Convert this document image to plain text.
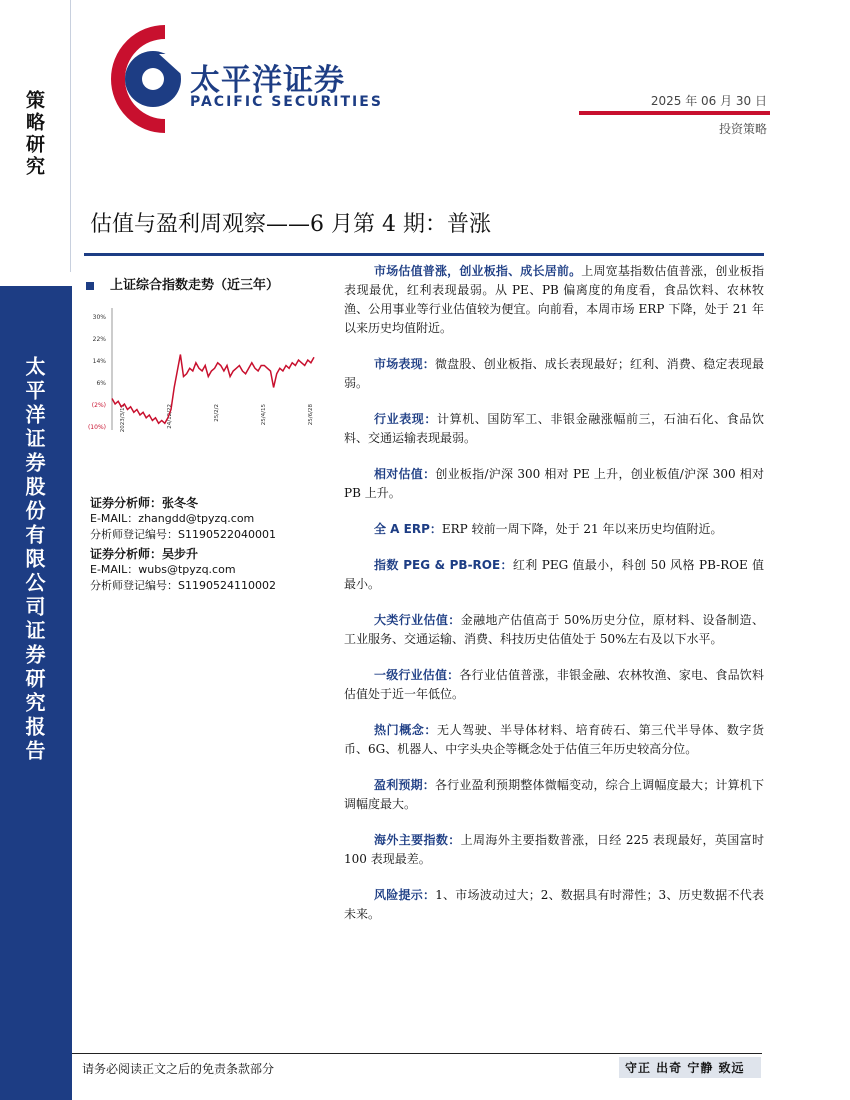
策略研究
太平洋证券股份有限公司证券研究报告
太平洋证券
PACIFIC SECURITIES	2025 年 06 月 30 日
投资策略
估值与盈利周观察——6 月第 4 期：普涨
上证综合指数走势（近三年）
30%
22%
14%
6%
(2%)
(10%)	2023/3/11	24/12/22	25/2/2	25/4/15	25/6/28
证券分析师：张冬冬
E-MAIL：zhangdd@tpyzq.com
分析师登记编号：S1190522040001
证券分析师：吴步升
E-MAIL：wubs@tpyzq.com
分析师登记编号：S1190524110002

市场估值普涨，创业板指、成长居前。上周宽基指数估值普涨，创业板指表现最优，红利表现最弱。从 PE、PB 偏离度的角度看，食品饮料、农林牧渔、公用事业等行业估值较为便宜。向前看，本周市场 ERP 下降，处于 21 年以来历史均值附近。

市场表现：微盘股、创业板指、成长表现最好；红利、消费、稳定表现最弱。

行业表现：计算机、国防军工、非银金融涨幅前三，石油石化、食品饮料、交通运输表现最弱。

相对估值：创业板指/沪深 300 相对 PE 上升，创业板值/沪深 300 相对 PB 上升。

全 A ERP：ERP 较前一周下降，处于 21 年以来历史均值附近。

指数 PEG & PB-ROE：红利 PEG 值最小，科创 50 风格 PB-ROE 值最小。

大类行业估值：金融地产估值高于 50%历史分位，原材料、设备制造、工业服务、交通运输、消费、科技历史估值处于 50%左右及以下水平。

一级行业估值：各行业估值普涨，非银金融、农林牧渔、家电、食品饮料估值处于近一年低位。

热门概念：无人驾驶、半导体材料、培育砖石、第三代半导体、数字货币、6G、机器人、中字头央企等概念处于估值三年历史较高分位。

盈利预期：各行业盈利预期整体微幅变动，综合上调幅度最大；计算机下调幅度最大。

海外主要指数：上周海外主要指数普涨，日经 225 表现最好，英国富时 100 表现最差。

风险提示：1、市场波动过大；2、数据具有时滞性；3、历史数据不代表未来。

请务必阅读正文之后的免责条款部分	守正 出奇 宁静 致远
